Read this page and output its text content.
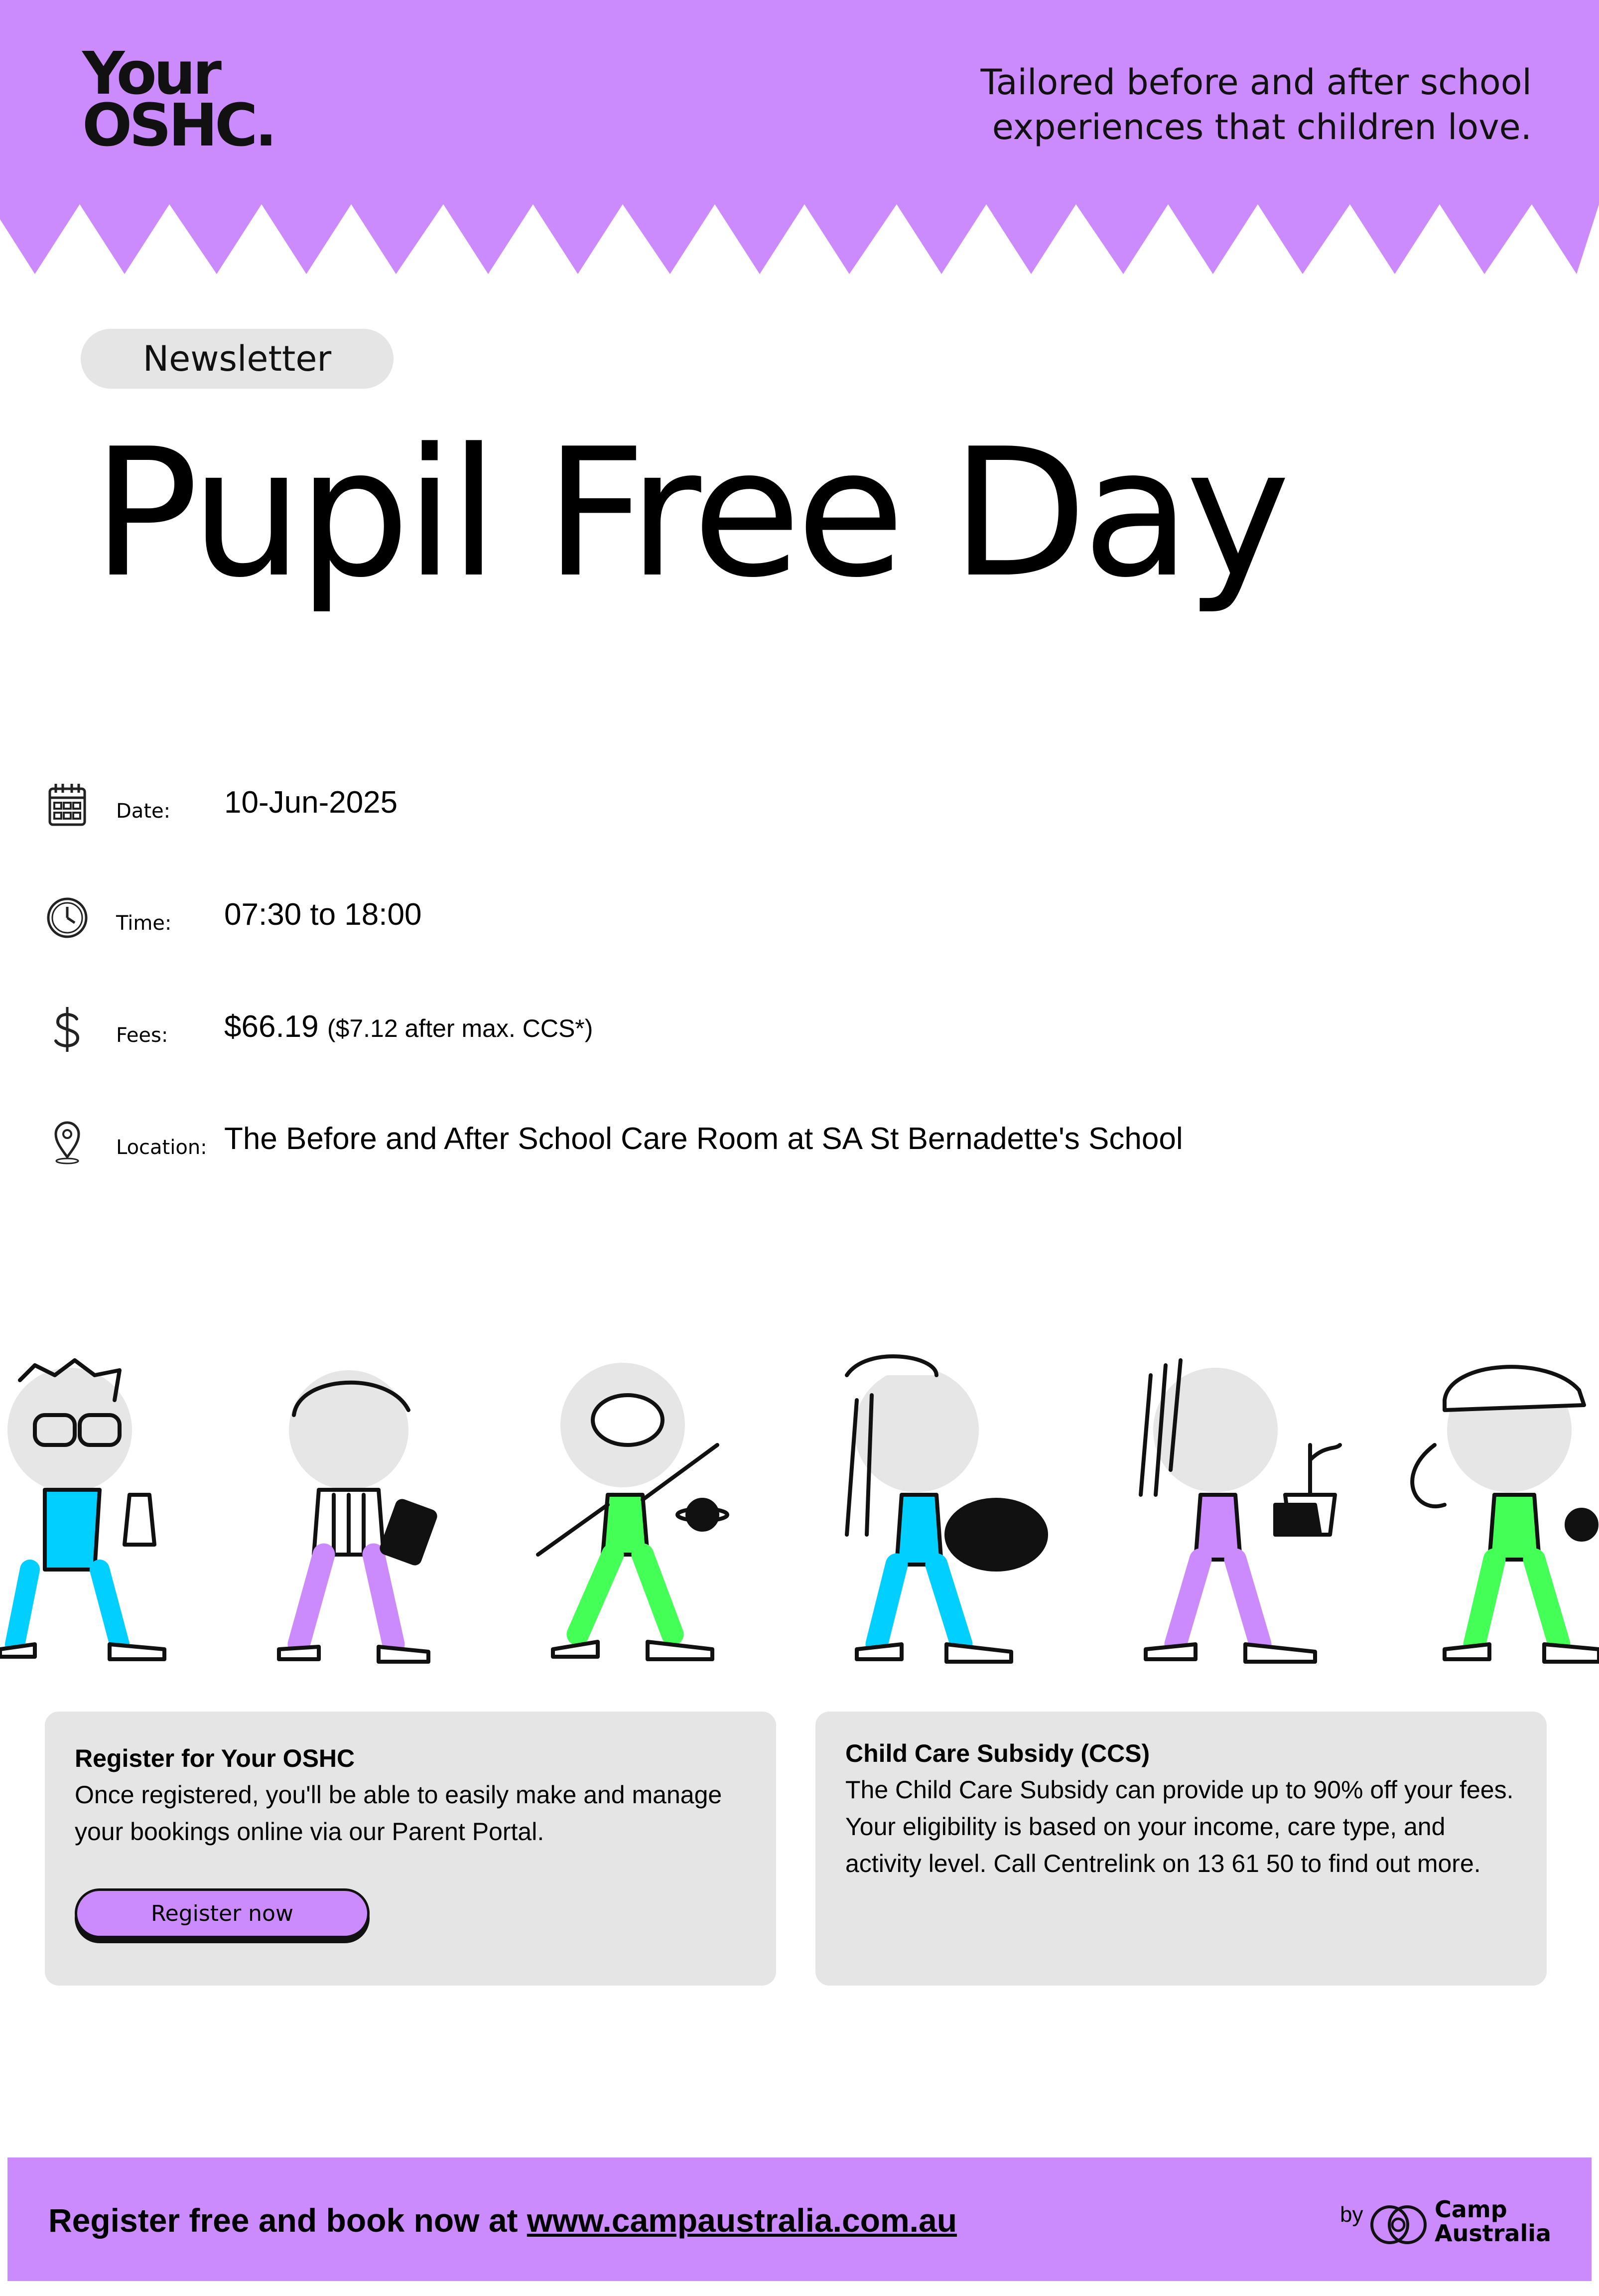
Your
OSHC.
Tailored before and after school
experiences that children love.
Newsletter
Pupil Free Day
Date: 10-Jun-2025
Time: 07:30 to 18:00
Fees: $66.19 ($7.12 after max. CCS*)
Location: The Before and After School Care Room at SA St Bernadette's School
Register for Your OSHC

Once registered, you'll be able to easily make and manage your bookings online via our Parent Portal.

Register now
Child Care Subsidy (CCS)

The Child Care Subsidy can provide up to 90% off your fees. Your eligibility is based on your income, care type, and activity level. Call Centrelink on 13 61 50 to find out more.

Register free and book now at www.campaustralia.com.au	by	Camp
Australia
